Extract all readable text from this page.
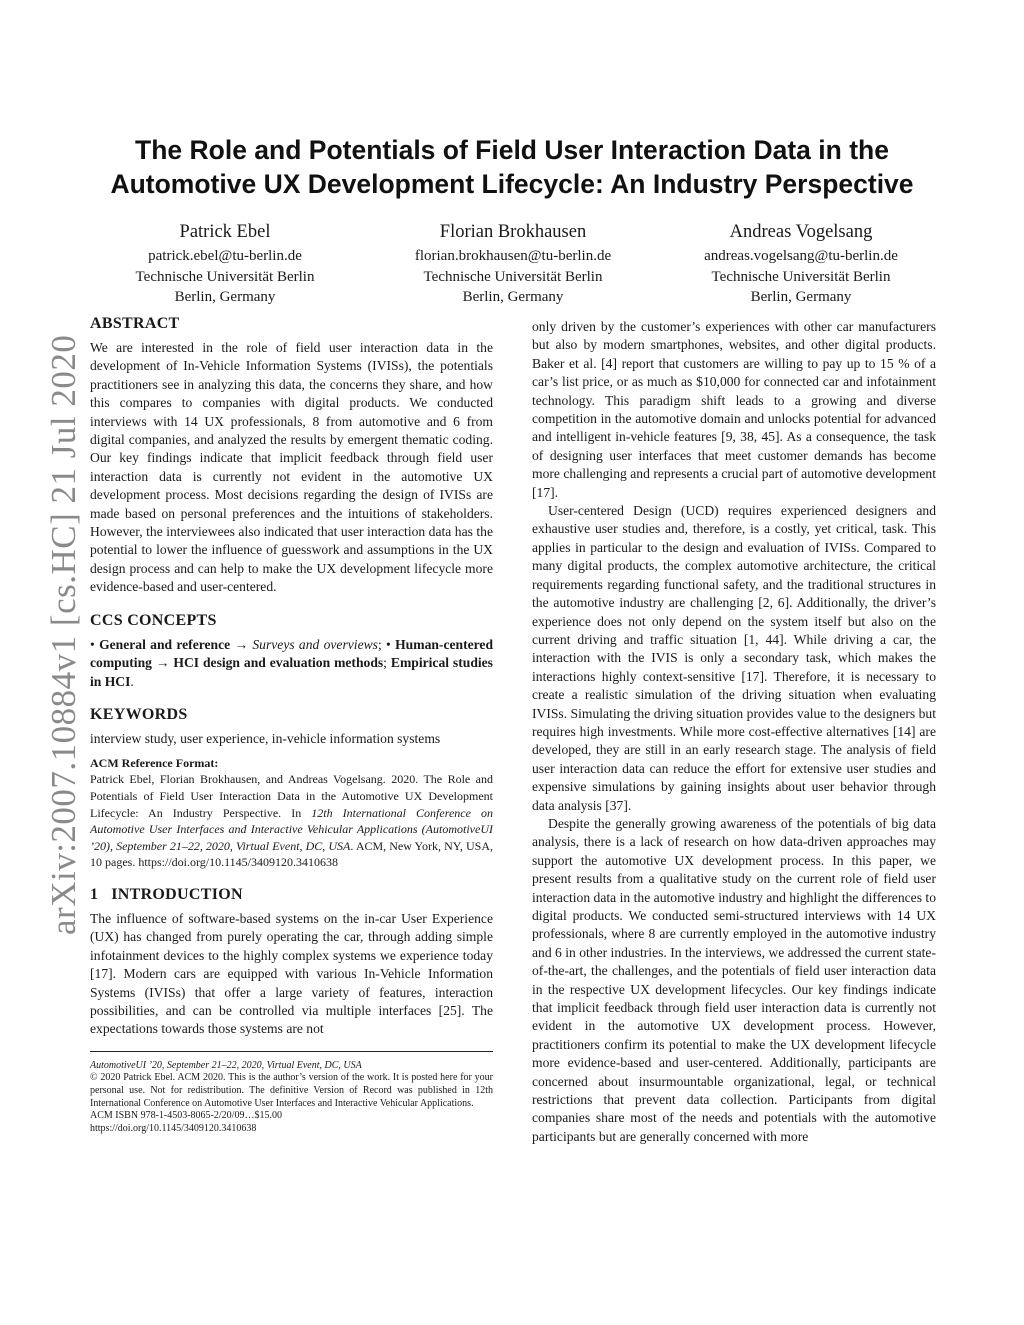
arXiv:2007.10884v1 [cs.HC] 21 Jul 2020
The Role and Potentials of Field User Interaction Data in the Automotive UX Development Lifecycle: An Industry Perspective
Patrick Ebel
patrick.ebel@tu-berlin.de
Technische Universität Berlin
Berlin, Germany
Florian Brokhausen
florian.brokhausen@tu-berlin.de
Technische Universität Berlin
Berlin, Germany
Andreas Vogelsang
andreas.vogelsang@tu-berlin.de
Technische Universität Berlin
Berlin, Germany
ABSTRACT

We are interested in the role of field user interaction data in the development of In-Vehicle Information Systems (IVISs), the potentials practitioners see in analyzing this data, the concerns they share, and how this compares to companies with digital products. We conducted interviews with 14 UX professionals, 8 from automotive and 6 from digital companies, and analyzed the results by emergent thematic coding. Our key findings indicate that implicit feedback through field user interaction data is currently not evident in the automotive UX development process. Most decisions regarding the design of IVISs are made based on personal preferences and the intuitions of stakeholders. However, the interviewees also indicated that user interaction data has the potential to lower the influence of guesswork and assumptions in the UX design process and can help to make the UX development lifecycle more evidence-based and user-centered.

CCS CONCEPTS

• General and reference → Surveys and overviews; • Human-centered computing → HCI design and evaluation methods; Empirical studies in HCI.

KEYWORDS

interview study, user experience, in-vehicle information systems

ACM Reference Format:

Patrick Ebel, Florian Brokhausen, and Andreas Vogelsang. 2020. The Role and Potentials of Field User Interaction Data in the Automotive UX Development Lifecycle: An Industry Perspective. In 12th International Conference on Automotive User Interfaces and Interactive Vehicular Applications (AutomotiveUI ’20), September 21–22, 2020, Virtual Event, DC, USA. ACM, New York, NY, USA, 10 pages. https://doi.org/10.1145/3409120.3410638

1 INTRODUCTION

The influence of software-based systems on the in-car User Experience (UX) has changed from purely operating the car, through adding simple infotainment devices to the highly complex systems we experience today [17]. Modern cars are equipped with various In-Vehicle Information Systems (IVISs) that offer a large variety of features, interaction possibilities, and can be controlled via multiple interfaces [25]. The expectations towards those systems are not

AutomotiveUI ’20, September 21–22, 2020, Virtual Event, DC, USA

© 2020 Patrick Ebel. ACM 2020. This is the author’s version of the work. It is posted here for your personal use. Not for redistribution. The definitive Version of Record was published in 12th International Conference on Automotive User Interfaces and Interactive Vehicular Applications.

ACM ISBN 978-1-4503-8065-2/20/09…$15.00

https://doi.org/10.1145/3409120.3410638

only driven by the customer’s experiences with other car manufacturers but also by modern smartphones, websites, and other digital products. Baker et al. [4] report that customers are willing to pay up to 15 % of a car’s list price, or as much as $10,000 for connected car and infotainment technology. This paradigm shift leads to a growing and diverse competition in the automotive domain and unlocks potential for advanced and intelligent in-vehicle features [9, 38, 45]. As a consequence, the task of designing user interfaces that meet customer demands has become more challenging and represents a crucial part of automotive development [17].

User-centered Design (UCD) requires experienced designers and exhaustive user studies and, therefore, is a costly, yet critical, task. This applies in particular to the design and evaluation of IVISs. Compared to many digital products, the complex automotive architecture, the critical requirements regarding functional safety, and the traditional structures in the automotive industry are challenging [2, 6]. Additionally, the driver’s experience does not only depend on the system itself but also on the current driving and traffic situation [1, 44]. While driving a car, the interaction with the IVIS is only a secondary task, which makes the interactions highly context-sensitive [17]. Therefore, it is necessary to create a realistic simulation of the driving situation when evaluating IVISs. Simulating the driving situation provides value to the designers but requires high investments. While more cost-effective alternatives [14] are developed, they are still in an early research stage. The analysis of field user interaction data can reduce the effort for extensive user studies and expensive simulations by gaining insights about user behavior through data analysis [37].

Despite the generally growing awareness of the potentials of big data analysis, there is a lack of research on how data-driven approaches may support the automotive UX development process. In this paper, we present results from a qualitative study on the current role of field user interaction data in the automotive industry and highlight the differences to digital products. We conducted semi-structured interviews with 14 UX professionals, where 8 are currently employed in the automotive industry and 6 in other industries. In the interviews, we addressed the current state-of-the-art, the challenges, and the potentials of field user interaction data in the respective UX development lifecycles. Our key findings indicate that implicit feedback through field user interaction data is currently not evident in the automotive UX development process. However, practitioners confirm its potential to make the UX development lifecycle more evidence-based and user-centered. Additionally, participants are concerned about insurmountable organizational, legal, or technical restrictions that prevent data collection. Participants from digital companies share most of the needs and potentials with the automotive participants but are generally concerned with more
